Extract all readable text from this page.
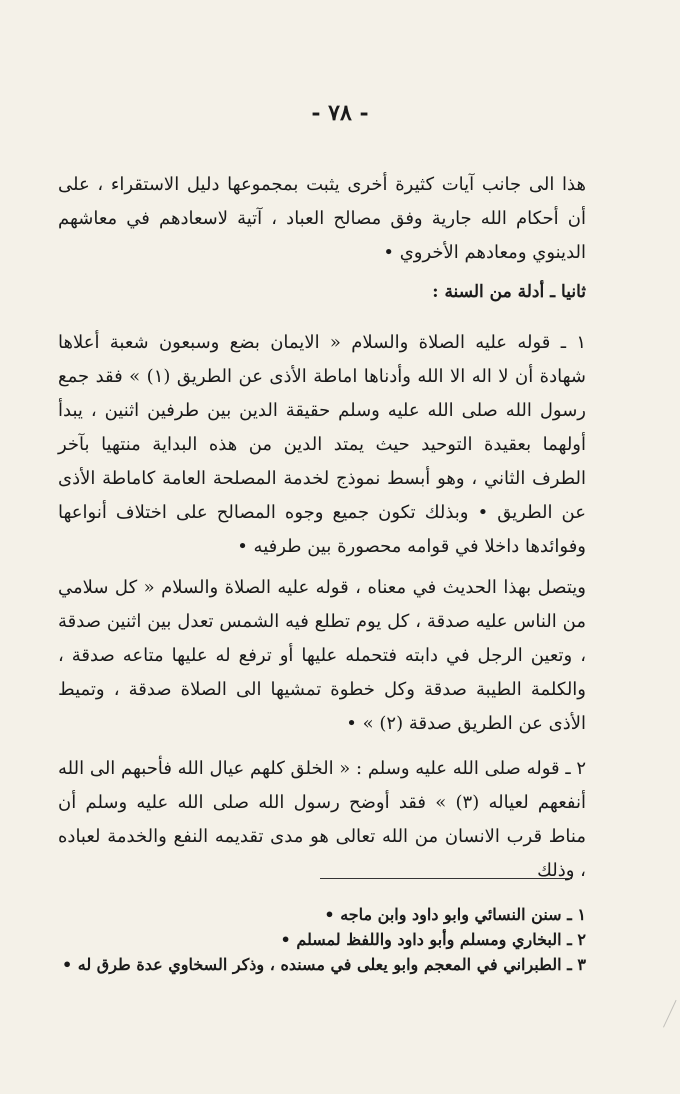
- ٧٨ -

هذا الى جانب آيات كثيرة أخرى يثبت بمجموعها دليل الاستقراء ، على أن أحكام الله جارية وفق مصالح العباد ، آتية لاسعادهم في معاشهم الدينوي ومعادهم الأخروي •

ثانيا ـ أدلة من السنة :

١ ـ قوله عليه الصلاة والسلام « الايمان بضع وسبعون شعبة أعلاها شهادة أن لا اله الا الله وأدناها اماطة الأذى عن الطريق (١) » فقد جمع رسول الله صلى الله عليه وسلم حقيقة الدين بين طرفين اثنين ، يبدأ أولهما بعقيدة التوحيد حيث يمتد الدين من هذه البداية منتهيا بآخر الطرف الثاني ، وهو أبسط نموذج لخدمة المصلحة العامة كاماطة الأذى عن الطريق • وبذلك تكون جميع وجوه المصالح على اختلاف أنواعها وفوائدها داخلا في قوامه محصورة بين طرفيه •

ويتصل بهذا الحديث في معناه ، قوله عليه الصلاة والسلام « كل سلامي من الناس عليه صدقة ، كل يوم تطلع فيه الشمس تعدل بين اثنين صدقة ، وتعين الرجل في دابته فتحمله عليها أو ترفع له عليها متاعه صدقة ، والكلمة الطيبة صدقة وكل خطوة تمشيها الى الصلاة صدقة ، وتميط الأذى عن الطريق صدقة (٢) » •

٢ ـ قوله صلى الله عليه وسلم : « الخلق كلهم عيال الله فأحبهم الى الله أنفعهم لعياله (٣) » فقد أوضح رسول الله صلى الله عليه وسلم أن مناط قرب الانسان من الله تعالى هو مدى تقديمه النفع والخدمة لعباده ، وذلك

١ ـ سنن النسائي وابو داود وابن ماجه •
٢ ـ البخاري ومسلم وأبو داود واللفظ لمسلم •
٣ ـ الطبراني في المعجم وابو يعلى في مسنده ، وذكر السخاوي عدة طرق له •
